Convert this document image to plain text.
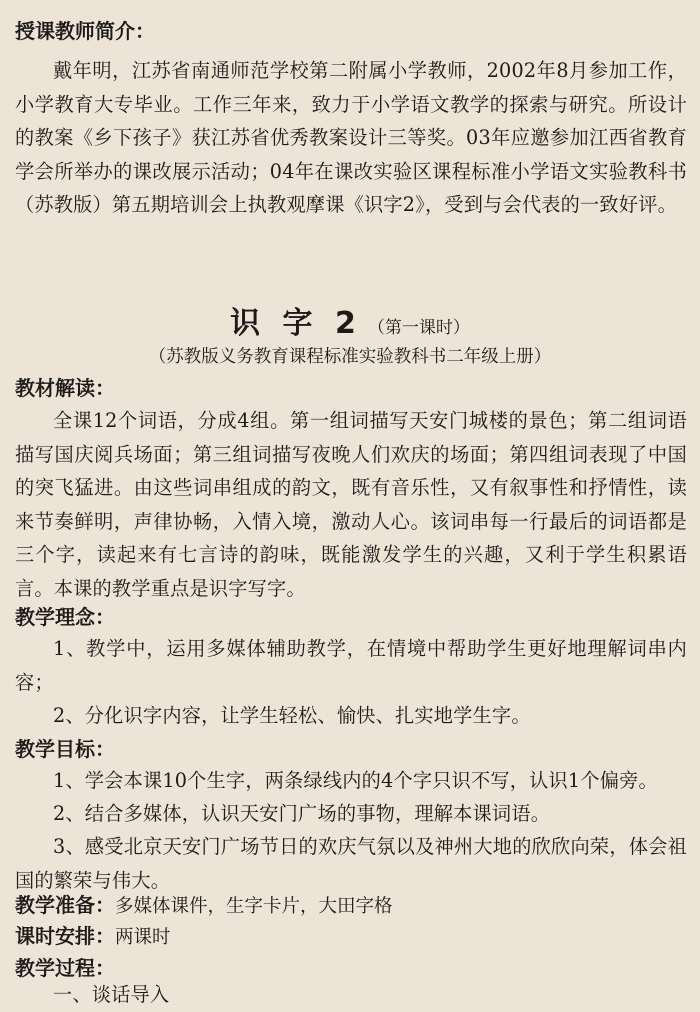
授课教师简介：

戴年明，江苏省南通师范学校第二附属小学教师，2002年8月参加工作，小学教育大专毕业。工作三年来，致力于小学语文教学的探索与研究。所设计的教案《乡下孩子》获江苏省优秀教案设计三等奖。03年应邀参加江西省教育学会所举办的课改展示活动；04年在课改实验区课程标准小学语文实验教科书（苏教版）第五期培训会上执教观摩课《识字2》，受到与会代表的一致好评。

识 字 2 （第一课时）

（苏教版义务教育课程标准实验教科书二年级上册）

教材解读：

全课12个词语，分成4组。第一组词描写天安门城楼的景色；第二组词语描写国庆阅兵场面；第三组词描写夜晚人们欢庆的场面；第四组词表现了中国的突飞猛进。由这些词串组成的韵文，既有音乐性，又有叙事性和抒情性，读来节奏鲜明，声律协畅，入情入境，激动人心。该词串每一行最后的词语都是三个字，读起来有七言诗的韵味，既能激发学生的兴趣，又利于学生积累语言。本课的教学重点是识字写字。

教学理念：

1、教学中，运用多媒体辅助教学，在情境中帮助学生更好地理解词串内容；

2、分化识字内容，让学生轻松、愉快、扎实地学生字。

教学目标：

1、学会本课10个生字，两条绿线内的4个字只识不写，认识1个偏旁。

2、结合多媒体，认识天安门广场的事物，理解本课词语。

3、感受北京天安门广场节日的欢庆气氛以及神州大地的欣欣向荣，体会祖国的繁荣与伟大。

教学准备：多媒体课件，生字卡片，大田字格
课时安排：两课时
教学过程：

一、谈话导入
